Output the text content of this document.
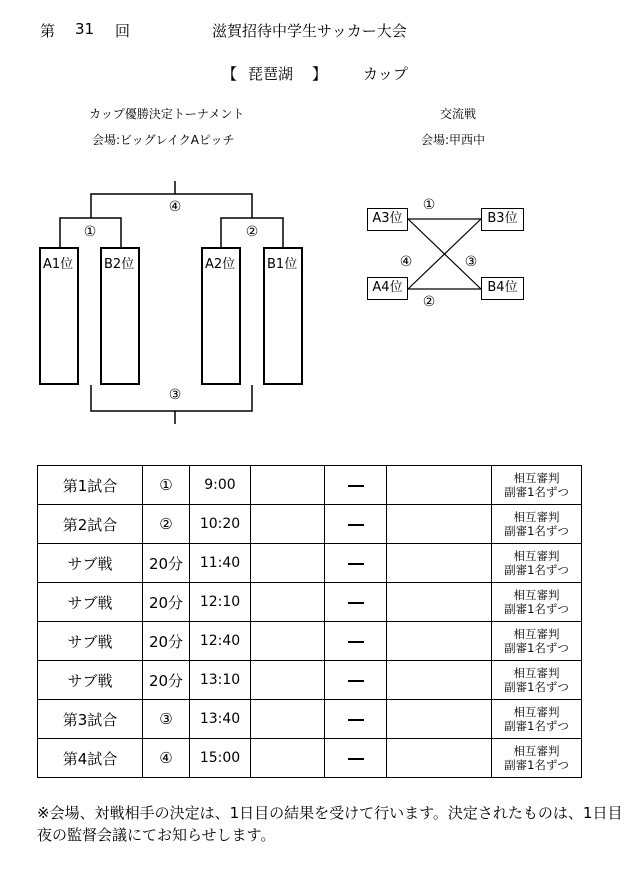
第 31 回	滋賀招待中学生サッカー大会
【 琵琶湖 】 カップ
カップ優勝決定トーナメント
会場:ビッグレイクAピッチ
交流戦
会場:甲西中
A1位 B2位	A2位 B1位
④
①	②
③
A3位
A4位
B3位
B4位
①
④	③
②
第1試合	①	9:00				相互審判
副審1名ずつ

第2試合	②	10:20				相互審判
副審1名ずつ

サブ戦	20分	11:40				相互審判
副審1名ずつ

サブ戦	20分	12:10				相互審判
副審1名ずつ

サブ戦	20分	12:40				相互審判
副審1名ずつ

サブ戦	20分	13:10				相互審判
副審1名ずつ

第3試合	③	13:40				相互審判
副審1名ずつ

第4試合	④	15:00				相互審判
副審1名ずつ
※会場、対戦相手の決定は、1日目の結果を受けて行います。決定されたものは、1日目夜の監督会議にてお知らせします。
